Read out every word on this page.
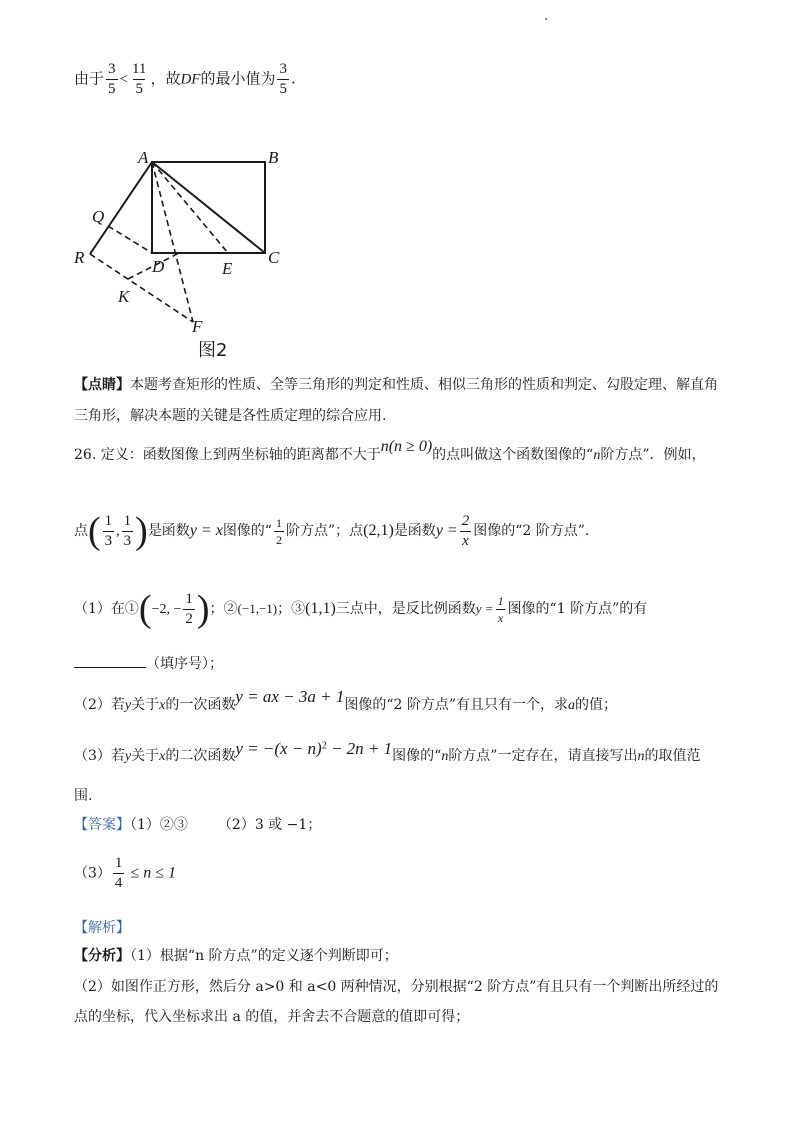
由于 $\frac{3}{5} < \frac{11}{5}$ ，故DF的最小值为 $\frac{3}{5}$ .
A	B
C
D	E
F
Q
R
K
图2
【点睛】本题考查矩形的性质、全等三角形的判定和性质、相似三角形的性质和判定、勾股定理、解直角
三角形，解决本题的关键是各性质定理的综合应用.
26. 定义：函数图像上到两坐标轴的距离都不大于n(n ≥ 0)的点叫做这个函数图像的“n阶方点”．例如，
点( $\frac{1}{3}$ , $\frac{1}{3}$ )是函数y = x图像的“ $\frac{1}{2}$ 阶方点”；点(2,1)是函数$y = \frac{2}{x}$ 图像的“2 阶方点”．
（1）在①(−2, − $\frac{1}{2}$ )；②(−1,−1)；③(1,1)三点中，是反比例函数$y = \frac{1}{x}$ 图像的“1 阶方点”的有
（填序号）；
（2）若y关于x的一次函数y = ax − 3a + 1图像的“2 阶方点”有且只有一个，求a的值；
（3）若y关于x的二次函数$y = -(x - n)^2 - 2n + 1$图像的“n阶方点”一定存在，请直接写出n的取值范
围.
【答案】（1）②③ （2）3 或 −1；
$(3) \frac{1}{4} \le n \le 1$
【解析】
【分析】（1）根据“n 阶方点”的定义逐个判断即可；
（2）如图作正方形，然后分 a>0 和 a<0 两种情况，分别根据“2 阶方点”有且只有一个判断出所经过的
点的坐标，代入坐标求出 a 的值，并舍去不合题意的值即可得；
